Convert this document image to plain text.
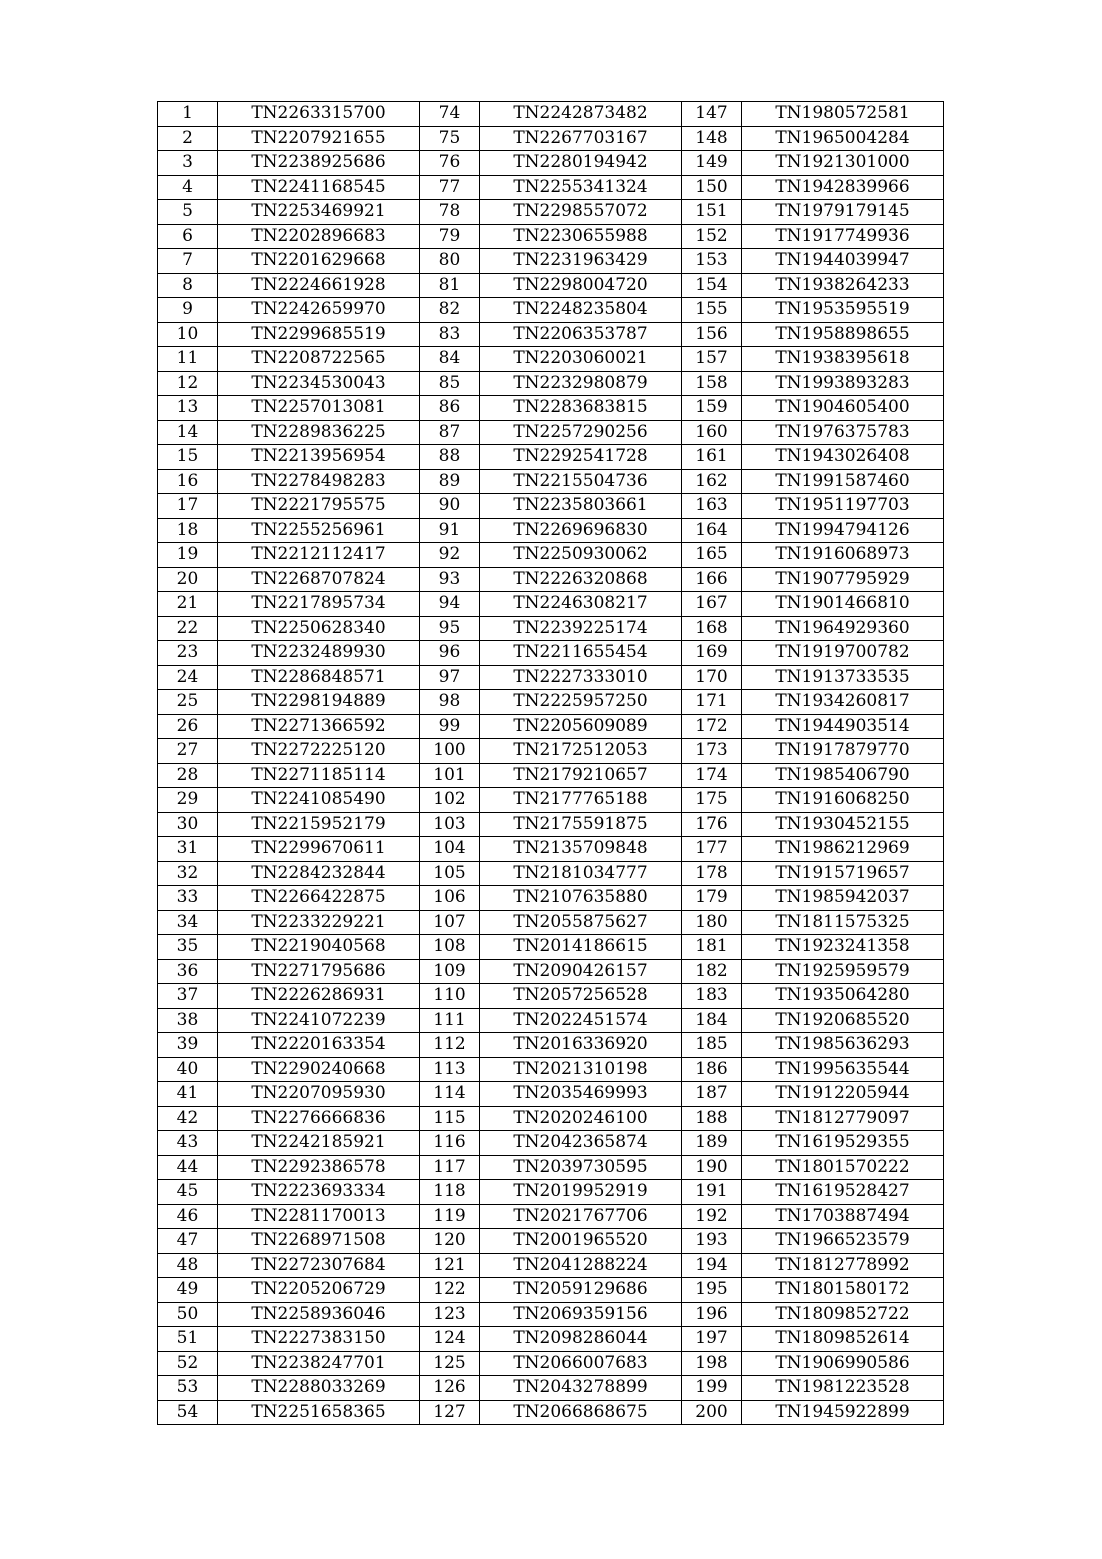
1	TN2263315700	74	TN2242873482	147	TN1980572581
2	TN2207921655	75	TN2267703167	148	TN1965004284
3	TN2238925686	76	TN2280194942	149	TN1921301000
4	TN2241168545	77	TN2255341324	150	TN1942839966
5	TN2253469921	78	TN2298557072	151	TN1979179145
6	TN2202896683	79	TN2230655988	152	TN1917749936
7	TN2201629668	80	TN2231963429	153	TN1944039947
8	TN2224661928	81	TN2298004720	154	TN1938264233
9	TN2242659970	82	TN2248235804	155	TN1953595519
10	TN2299685519	83	TN2206353787	156	TN1958898655
11	TN2208722565	84	TN2203060021	157	TN1938395618
12	TN2234530043	85	TN2232980879	158	TN1993893283
13	TN2257013081	86	TN2283683815	159	TN1904605400
14	TN2289836225	87	TN2257290256	160	TN1976375783
15	TN2213956954	88	TN2292541728	161	TN1943026408
16	TN2278498283	89	TN2215504736	162	TN1991587460
17	TN2221795575	90	TN2235803661	163	TN1951197703
18	TN2255256961	91	TN2269696830	164	TN1994794126
19	TN2212112417	92	TN2250930062	165	TN1916068973
20	TN2268707824	93	TN2226320868	166	TN1907795929
21	TN2217895734	94	TN2246308217	167	TN1901466810
22	TN2250628340	95	TN2239225174	168	TN1964929360
23	TN2232489930	96	TN2211655454	169	TN1919700782
24	TN2286848571	97	TN2227333010	170	TN1913733535
25	TN2298194889	98	TN2225957250	171	TN1934260817
26	TN2271366592	99	TN2205609089	172	TN1944903514
27	TN2272225120	100	TN2172512053	173	TN1917879770
28	TN2271185114	101	TN2179210657	174	TN1985406790
29	TN2241085490	102	TN2177765188	175	TN1916068250
30	TN2215952179	103	TN2175591875	176	TN1930452155
31	TN2299670611	104	TN2135709848	177	TN1986212969
32	TN2284232844	105	TN2181034777	178	TN1915719657
33	TN2266422875	106	TN2107635880	179	TN1985942037
34	TN2233229221	107	TN2055875627	180	TN1811575325
35	TN2219040568	108	TN2014186615	181	TN1923241358
36	TN2271795686	109	TN2090426157	182	TN1925959579
37	TN2226286931	110	TN2057256528	183	TN1935064280
38	TN2241072239	111	TN2022451574	184	TN1920685520
39	TN2220163354	112	TN2016336920	185	TN1985636293
40	TN2290240668	113	TN2021310198	186	TN1995635544
41	TN2207095930	114	TN2035469993	187	TN1912205944
42	TN2276666836	115	TN2020246100	188	TN1812779097
43	TN2242185921	116	TN2042365874	189	TN1619529355
44	TN2292386578	117	TN2039730595	190	TN1801570222
45	TN2223693334	118	TN2019952919	191	TN1619528427
46	TN2281170013	119	TN2021767706	192	TN1703887494
47	TN2268971508	120	TN2001965520	193	TN1966523579
48	TN2272307684	121	TN2041288224	194	TN1812778992
49	TN2205206729	122	TN2059129686	195	TN1801580172
50	TN2258936046	123	TN2069359156	196	TN1809852722
51	TN2227383150	124	TN2098286044	197	TN1809852614
52	TN2238247701	125	TN2066007683	198	TN1906990586
53	TN2288033269	126	TN2043278899	199	TN1981223528
54	TN2251658365	127	TN2066868675	200	TN1945922899
